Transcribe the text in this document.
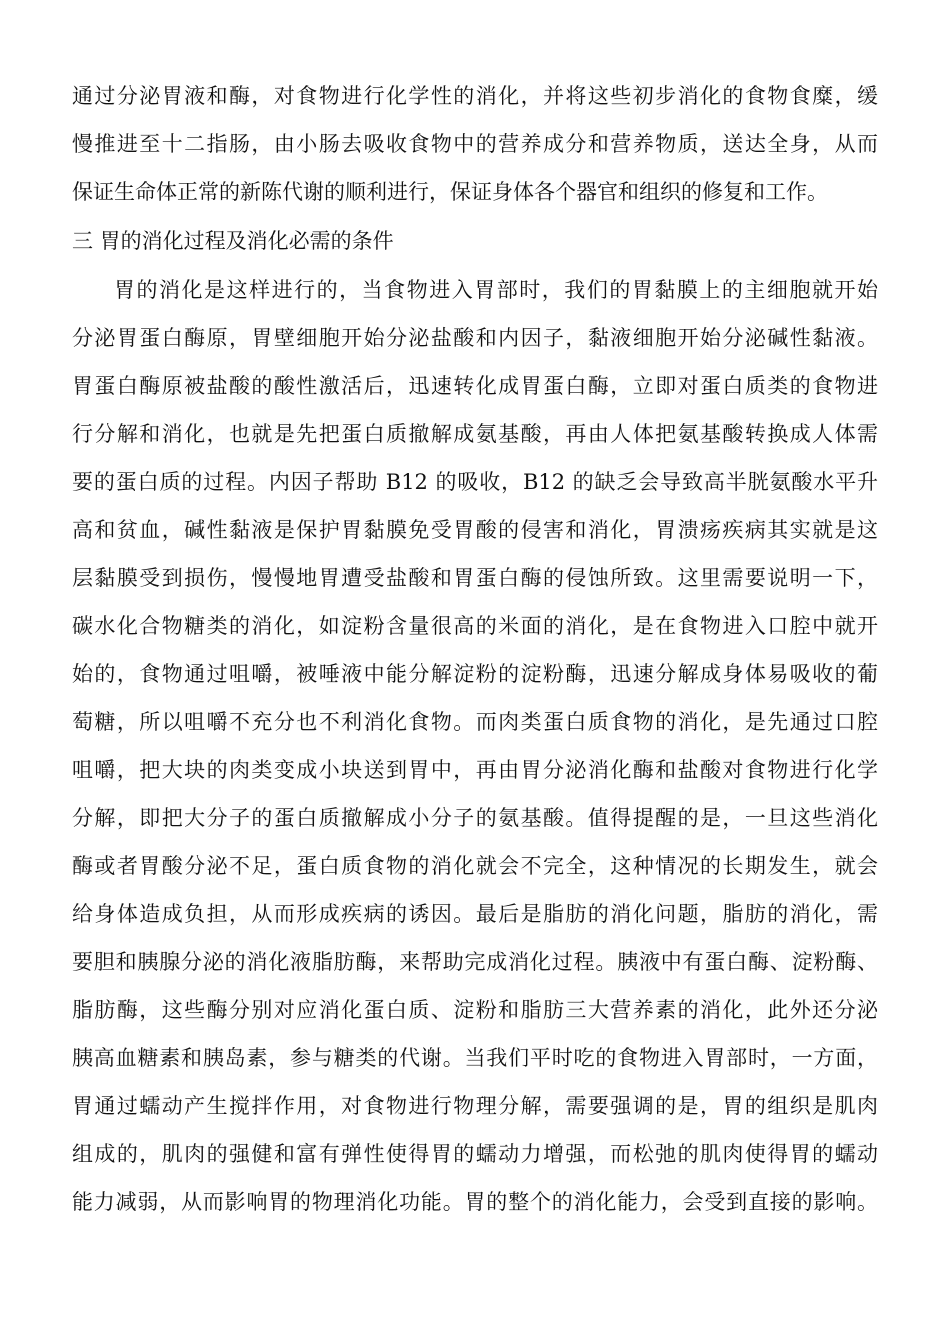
通过分泌胃液和酶，对食物进行化学性的消化，并将这些初步消化的食物食糜，缓
慢推进至十二指肠，由小肠去吸收食物中的营养成分和营养物质，送达全身，从而
保证生命体正常的新陈代谢的顺利进行，保证身体各个器官和组织的修复和工作。
三 胃的消化过程及消化必需的条件
胃的消化是这样进行的，当食物进入胃部时，我们的胃黏膜上的主细胞就开始
分泌胃蛋白酶原，胃壁细胞开始分泌盐酸和内因子，黏液细胞开始分泌碱性黏液。
胃蛋白酶原被盐酸的酸性激活后，迅速转化成胃蛋白酶，立即对蛋白质类的食物进
行分解和消化，也就是先把蛋白质撤解成氨基酸，再由人体把氨基酸转换成人体需
要的蛋白质的过程。内因子帮助 B12 的吸收，B12 的缺乏会导致高半胱氨酸水平升
高和贫血，碱性黏液是保护胃黏膜免受胃酸的侵害和消化，胃溃疡疾病其实就是这
层黏膜受到损伤，慢慢地胃遭受盐酸和胃蛋白酶的侵蚀所致。这里需要说明一下，
碳水化合物糖类的消化，如淀粉含量很高的米面的消化，是在食物进入口腔中就开
始的，食物通过咀嚼，被唾液中能分解淀粉的淀粉酶，迅速分解成身体易吸收的葡
萄糖，所以咀嚼不充分也不利消化食物。而肉类蛋白质食物的消化，是先通过口腔
咀嚼，把大块的肉类变成小块送到胃中，再由胃分泌消化酶和盐酸对食物进行化学
分解，即把大分子的蛋白质撤解成小分子的氨基酸。值得提醒的是，一旦这些消化
酶或者胃酸分泌不足，蛋白质食物的消化就会不完全，这种情况的长期发生，就会
给身体造成负担，从而形成疾病的诱因。最后是脂肪的消化问题，脂肪的消化，需
要胆和胰腺分泌的消化液脂肪酶，来帮助完成消化过程。胰液中有蛋白酶、淀粉酶、
脂肪酶，这些酶分别对应消化蛋白质、淀粉和脂肪三大营养素的消化，此外还分泌
胰高血糖素和胰岛素，参与糖类的代谢。当我们平时吃的食物进入胃部时，一方面，
胃通过蠕动产生搅拌作用，对食物进行物理分解，需要强调的是，胃的组织是肌肉
组成的，肌肉的强健和富有弹性使得胃的蠕动力增强，而松弛的肌肉使得胃的蠕动
能力减弱，从而影响胃的物理消化功能。胃的整个的消化能力，会受到直接的影响。
